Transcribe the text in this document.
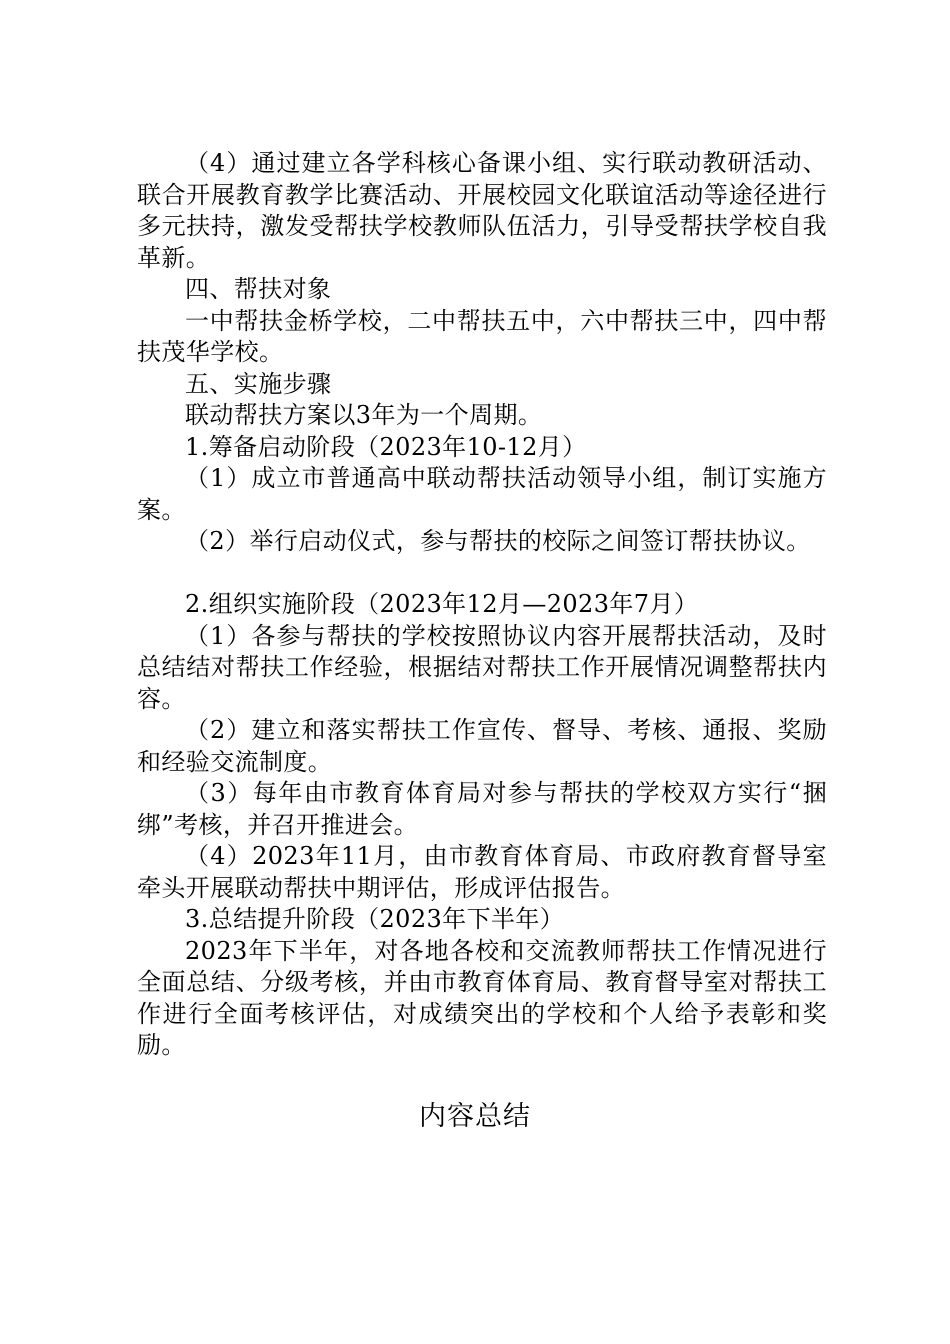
（4）通过建立各学科核心备课小组、实行联动教研活动、联合开展教育教学比赛活动、开展校园文化联谊活动等途径进行多元扶持，激发受帮扶学校教师队伍活力，引导受帮扶学校自我革新。

四、帮扶对象

一中帮扶金桥学校，二中帮扶五中，六中帮扶三中，四中帮扶茂华学校。

五、实施步骤

联动帮扶方案以3年为一个周期。

1.筹备启动阶段（2023年10-12月）

（1）成立市普通高中联动帮扶活动领导小组，制订实施方案。

（2）举行启动仪式，参与帮扶的校际之间签订帮扶协议。

2.组织实施阶段（2023年12月—2023年7月）

（1）各参与帮扶的学校按照协议内容开展帮扶活动，及时总结结对帮扶工作经验，根据结对帮扶工作开展情况调整帮扶内容。

（2）建立和落实帮扶工作宣传、督导、考核、通报、奖励和经验交流制度。

（3）每年由市教育体育局对参与帮扶的学校双方实行“捆绑”考核，并召开推进会。

（4）2023年11月，由市教育体育局、市政府教育督导室牵头开展联动帮扶中期评估，形成评估报告。

3.总结提升阶段（2023年下半年）

2023年下半年，对各地各校和交流教师帮扶工作情况进行全面总结、分级考核，并由市教育体育局、教育督导室对帮扶工作进行全面考核评估，对成绩突出的学校和个人给予表彰和奖励。

内容总结
